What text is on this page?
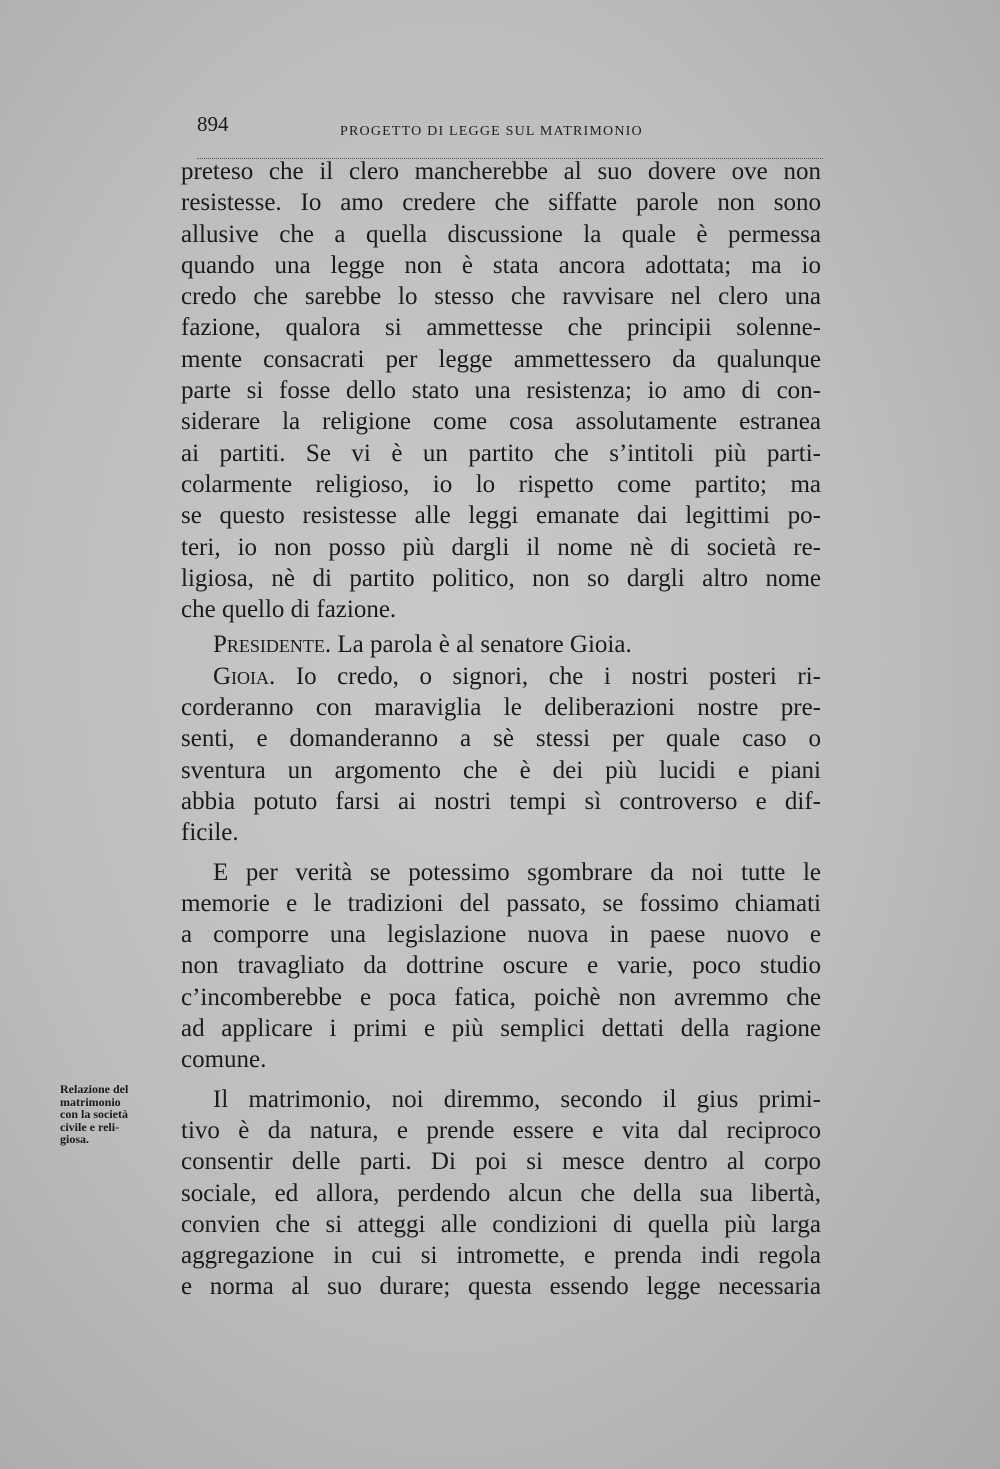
894	PROGETTO DI LEGGE SUL MATRIMONIO

preteso che il clero mancherebbe al suo dovere ove non

resistesse. Io amo credere che siffatte parole non sono

allusive che a quella discussione la quale è permessa

quando una legge non è stata ancora adottata; ma io

credo che sarebbe lo stesso che ravvisare nel clero una

fazione, qualora si ammettesse che principii solenne-

mente consacrati per legge ammettessero da qualunque

parte si fosse dello stato una resistenza; io amo di con-

siderare la religione come cosa assolutamente estranea

ai partiti. Se vi è un partito che s’intitoli più parti-

colarmente religioso, io lo rispetto come partito; ma

se questo resistesse alle leggi emanate dai legittimi po-

teri, io non posso più dargli il nome nè di società re-

ligiosa, nè di partito politico, non so dargli altro nome

che quello di fazione.

Presidente. La parola è al senatore Gioia.

Gioia. Io credo, o signori, che i nostri posteri ri-

corderanno con maraviglia le deliberazioni nostre pre-

senti, e domanderanno a sè stessi per quale caso o

sventura un argomento che è dei più lucidi e piani

abbia potuto farsi ai nostri tempi sì controverso e dif-

ficile.

E per verità se potessimo sgombrare da noi tutte le

memorie e le tradizioni del passato, se fossimo chiamati

a comporre una legislazione nuova in paese nuovo e

non travagliato da dottrine oscure e varie, poco studio

c’incomberebbe e poca fatica, poichè non avremmo che

ad applicare i primi e più semplici dettati della ragione

comune.

Il matrimonio, noi diremmo, secondo il gius primi-

tivo è da natura, e prende essere e vita dal reciproco

consentir delle parti. Di poi si mesce dentro al corpo

sociale, ed allora, perdendo alcun che della sua libertà,

convien che si atteggi alle condizioni di quella più larga

aggregazione in cui si intromette, e prenda indi regola

e norma al suo durare; questa essendo legge necessaria

Relazione del
matrimonio
con la società
civile e reli-
giosa.
